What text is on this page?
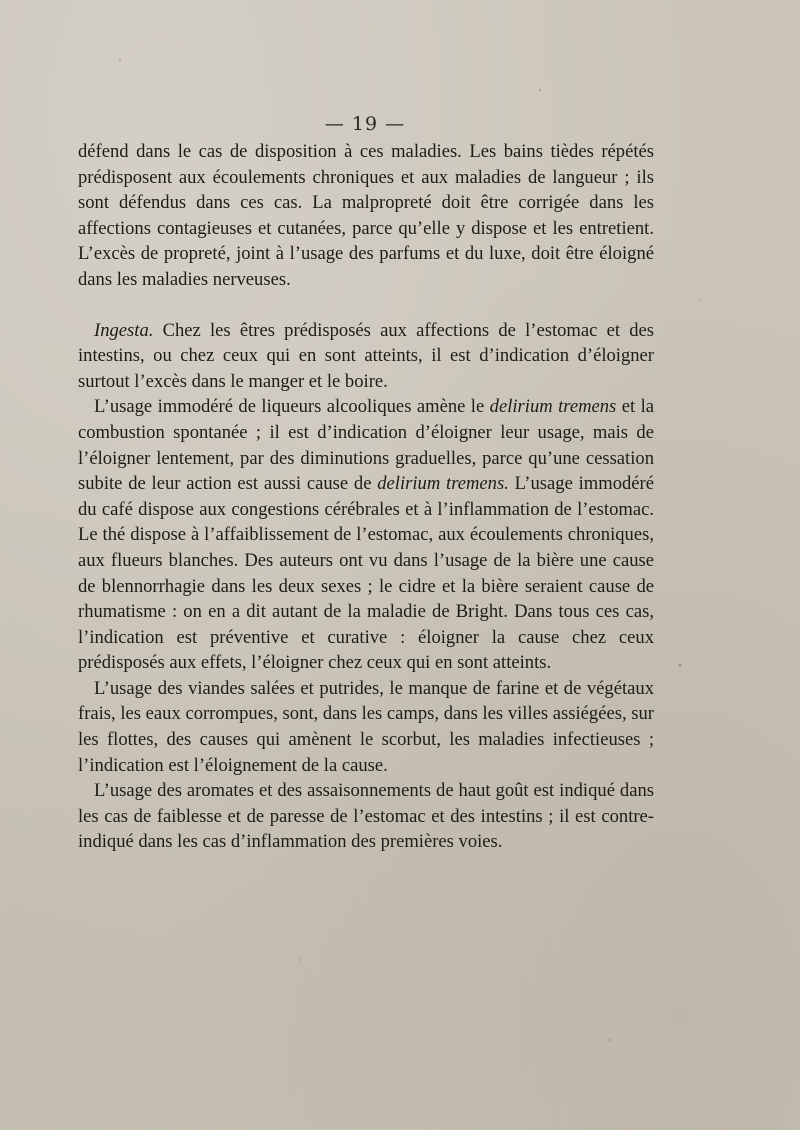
— 19 —

défend dans le cas de disposition à ces maladies. Les bains tièdes répétés prédisposent aux écoulements chroniques et aux maladies de langueur ; ils sont défendus dans ces cas. La malpropreté doit être corrigée dans les affections contagieuses et cutanées, parce qu’elle y dispose et les entretient. L’excès de propreté, joint à l’usage des parfums et du luxe, doit être éloigné dans les maladies nerveuses.

Ingesta. Chez les êtres prédisposés aux affections de l’estomac et des intestins, ou chez ceux qui en sont atteints, il est d’indication d’éloigner surtout l’excès dans le manger et le boire.

L’usage immodéré de liqueurs alcooliques amène le delirium tremens et la combustion spontanée ; il est d’indication d’éloigner leur usage, mais de l’éloigner lentement, par des diminutions graduelles, parce qu’une cessation subite de leur action est aussi cause de delirium tremens. L’usage immodéré du café dispose aux congestions cérébrales et à l’inflammation de l’estomac. Le thé dispose à l’affaiblissement de l’estomac, aux écoulements chroniques, aux flueurs blanches. Des auteurs ont vu dans l’usage de la bière une cause de blennorrhagie dans les deux sexes ; le cidre et la bière seraient cause de rhumatisme : on en a dit autant de la maladie de Bright. Dans tous ces cas, l’indication est préventive et curative : éloigner la cause chez ceux prédisposés aux effets, l’éloigner chez ceux qui en sont atteints.

L’usage des viandes salées et putrides, le manque de farine et de végétaux frais, les eaux corrompues, sont, dans les camps, dans les villes assiégées, sur les flottes, des causes qui amènent le scorbut, les maladies infectieuses ; l’indication est l’éloignement de la cause.

L’usage des aromates et des assaisonnements de haut goût est indiqué dans les cas de faiblesse et de paresse de l’estomac et des intestins ; il est contre-indiqué dans les cas d’inflammation des premières voies.
